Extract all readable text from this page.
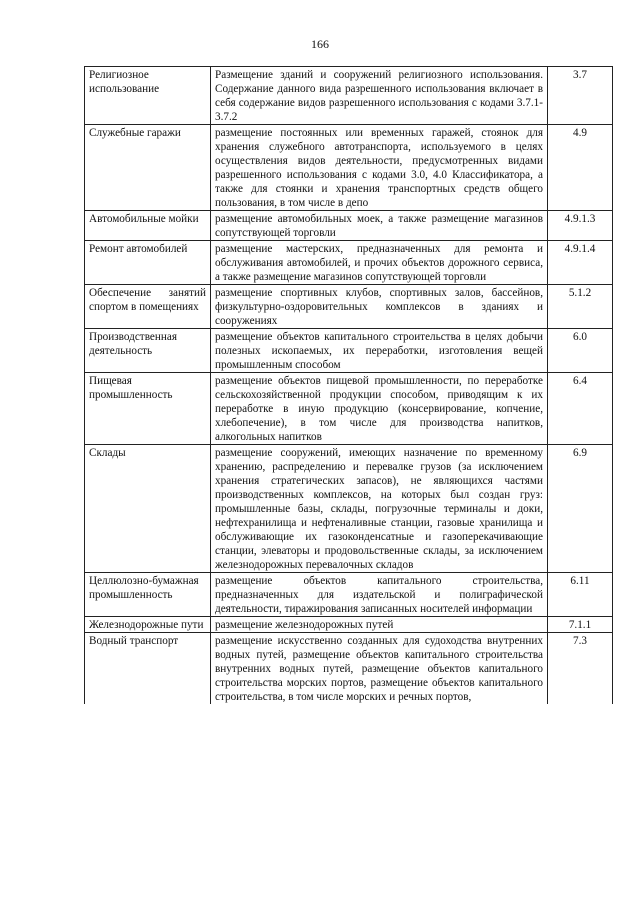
166
Религиозное использование	Размещение зданий и сооружений религиозного использования. Содержание данного вида разрешенного использования включает в себя содержание видов разрешенного использования с кодами 3.7.1-3.7.2	3.7
Служебные гаражи	размещение постоянных или временных гаражей, стоянок для хранения служебного автотранспорта, используемого в целях осуществления видов деятельности, предусмотренных видами разрешенного использования с кодами 3.0, 4.0 Классификатора, а также для стоянки и хранения транспортных средств общего пользования, в том числе в депо	4.9
Автомобильные мойки	размещение автомобильных моек, а также размещение магазинов сопутствующей торговли	4.9.1.3
Ремонт автомобилей	размещение мастерских, предназначенных для ремонта и обслуживания автомобилей, и прочих объектов дорожного сервиса, а также размещение магазинов сопутствующей торговли	4.9.1.4
Обеспечение занятий спортом в помещениях	размещение спортивных клубов, спортивных залов, бассейнов, физкультурно-оздоровительных комплексов в зданиях и сооружениях	5.1.2
Производственная деятельность	размещение объектов капитального строительства в целях добычи полезных ископаемых, их переработки, изготовления вещей промышленным способом	6.0
Пищевая промышленность	размещение объектов пищевой промышленности, по переработке сельскохозяйственной продукции способом, приводящим к их переработке в иную продукцию (консервирование, копчение, хлебопечение), в том числе для производства напитков, алкогольных напитков	6.4
Склады	размещение сооружений, имеющих назначение по временному хранению, распределению и перевалке грузов (за исключением хранения стратегических запасов), не являющихся частями производственных комплексов, на которых был создан груз: промышленные базы, склады, погрузочные терминалы и доки, нефтехранилища и нефтеналивные станции, газовые хранилища и обслуживающие их газоконденсатные и газоперекачивающие станции, элеваторы и продовольственные склады, за исключением железнодорожных перевалочных складов	6.9
Целлюлозно-бумажная промышленность	размещение объектов капитального строительства, предназначенных для издательской и полиграфической деятельности, тиражирования записанных носителей информации	6.11
Железнодорожные пути	размещение железнодорожных путей	7.1.1
Водный транспорт	размещение искусственно созданных для судоходства внутренних водных путей, размещение объектов капитального строительства внутренних водных путей, размещение объектов капитального строительства морских портов, размещение объектов капитального строительства, в том числе морских и речных портов,	7.3
